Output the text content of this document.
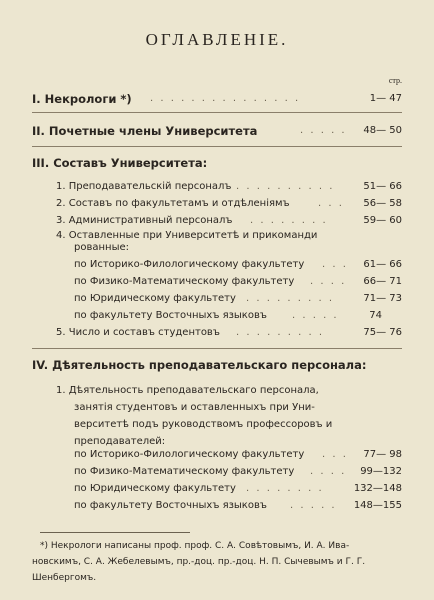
ОГЛАВЛЕНІЕ.
стр.
I. Некрологи *) . . . . . . . . . . . . . . .	1— 47
II. Почетные члены Университета	. . . . . 48— 50
III. Составъ Университета:
1. Преподавательскій персоналъ . . . . . . . . . .	51— 66
2. Составъ по факультетамъ и отдѣленіямъ	. . . 56— 58
3. Административный персоналъ . . . . . . . .	59— 60
4. Оставленные при Университетѣ и прикоманди
рованные:
по Историко-Филологическому факультету . . . 61— 66
по Физико-Математическому факультету . . . . 66— 71
по Юридическому факультету . . . . . . . . .	71— 73
по факультету Восточныхъ языковъ	. . . . .	74
5. Число и составъ студентовъ . . . . . . . . .	75— 76
IV. Дѣятельность преподавательскаго персонала:
1. Дѣятельность преподавательскаго персонала,
занятія студентовъ и оставленныхъ при Уни-
верситетѣ подъ руководствомъ профессоровъ и
преподавателей:
по Историко-Филологическому факультету . . . 77— 98
по Физико-Математическому факультету . . . . 99—132
по Юридическому факультету . . . . . . . .	132—148
по факультету Восточныхъ языковъ . . . . . 148—155
*) Некрологи написаны проф. проф. С. А. Совѣтовымъ, И. А. Ива-
новскимъ, С. А. Жебелевымъ, пр.-доц. пр.-доц. Н. П. Сычевымъ и Г. Г.
Шенбергомъ.
